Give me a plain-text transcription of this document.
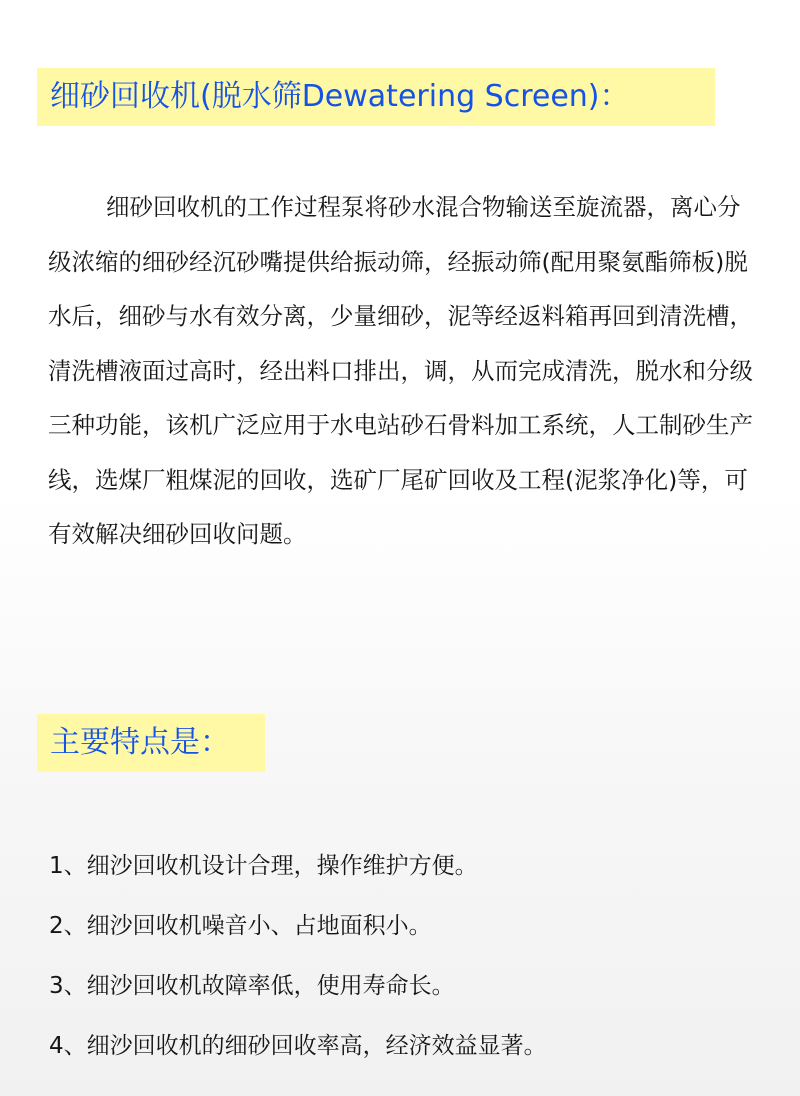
细砂回收机(脱水筛Dewatering Screen)：

细砂回收机的工作过程泵将砂水混合物输送至旋流器，离心分级浓缩的细砂经沉砂嘴提供给振动筛，经振动筛(配用聚氨酯筛板)脱水后，细砂与水有效分离，少量细砂，泥等经返料箱再回到清洗槽，清洗槽液面过高时，经出料口排出，调，从而完成清洗，脱水和分级三种功能，该机广泛应用于水电站砂石骨料加工系统，人工制砂生产线，选煤厂粗煤泥的回收，选矿厂尾矿回收及工程(泥浆净化)等，可有效解决细砂回收问题。

主要特点是：
1、细沙回收机设计合理，操作维护方便。
2、细沙回收机噪音小、占地面积小。
3、细沙回收机故障率低，使用寿命长。
4、细沙回收机的细砂回收率高，经济效益显著。
